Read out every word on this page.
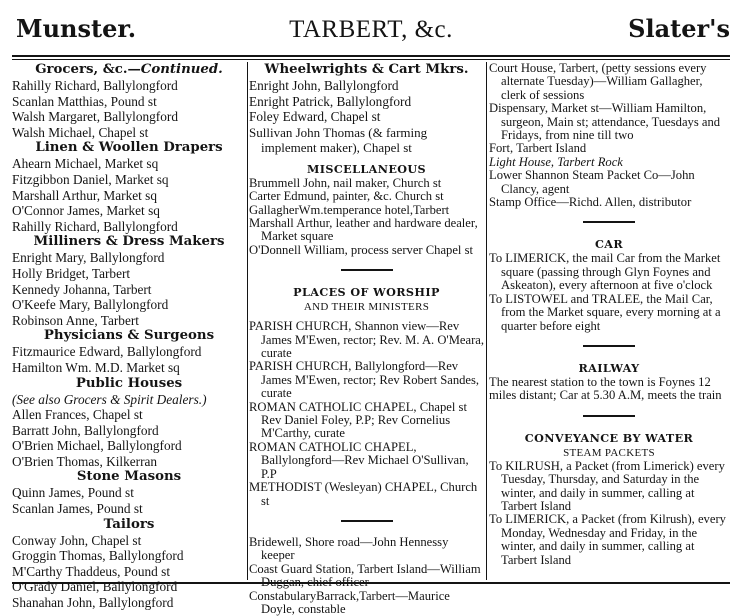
Munster.	TARBERT, &c.	Slater's
Grocers, &c.—Continued.
Rahilly Richard, Ballylongford
Scanlan Matthias, Pound st
Walsh Margaret, Ballylongford
Walsh Michael, Chapel st
Linen & Woollen Drapers
Ahearn Michael, Market sq
Fitzgibbon Daniel, Market sq
Marshall Arthur, Market sq
O'Connor James, Market sq
Rahilly Richard, Ballylongford
Milliners & Dress Makers
Enright Mary, Ballylongford
Holly Bridget, Tarbert
Kennedy Johanna, Tarbert
O'Keefe Mary, Ballylongford
Robinson Anne, Tarbert
Physicians & Surgeons
Fitzmaurice Edward, Ballylongford
Hamilton Wm. M.D. Market sq
Public Houses
(See also Grocers & Spirit Dealers.)
Allen Frances, Chapel st
Barratt John, Ballylongford
O'Brien Michael, Ballylongford
O'Brien Thomas, Kilkerran
Stone Masons
Quinn James, Pound st
Scanlan James, Pound st
Tailors
Conway John, Chapel st
Groggin Thomas, Ballylongford
M'Carthy Thaddeus, Pound st
O'Grady Daniel, Ballylongford
Shanahan John, Ballylongford
Wheelwrights & Cart Mkrs.
Enright John, Ballylongford
Enright Patrick, Ballylongford
Foley Edward, Chapel st
Sullivan John Thomas (& farming implement maker), Chapel st
MISCELLANEOUS
Brummell John, nail maker, Church st
Carter Edmund, painter, &c. Church st
GallagherWm.temperance hotel,Tarbert
Marshall Arthur, leather and hardware dealer, Market square
O'Donnell William, process server Chapel st
PLACES OF WORSHIP
AND THEIR MINISTERS
PARISH CHURCH, Shannon view—Rev James M'Ewen, rector; Rev. M. A. O'Meara, curate
PARISH CHURCH, Ballylongford—Rev James M'Ewen, rector; Rev Robert Sandes, curate
ROMAN CATHOLIC CHAPEL, Chapel st Rev Daniel Foley, P.P; Rev Cornelius M'Carthy, curate
ROMAN CATHOLIC CHAPEL, Ballylongford—Rev Michael O'Sullivan, P.P
METHODIST (Wesleyan) CHAPEL, Church st
Bridewell, Shore road—John Hennessy keeper
Coast Guard Station, Tarbert Island—William Duggan, chief officer
ConstabularyBarrack,Tarbert—Maurice Doyle, constable
Court House, Tarbert, (petty sessions every alternate Tuesday)—William Gallagher, clerk of sessions
Dispensary, Market st—William Hamilton, surgeon, Main st; attendance, Tuesdays and Fridays, from nine till two
Fort, Tarbert Island
Light House, Tarbert Rock
Lower Shannon Steam Packet Co—John Clancy, agent
Stamp Office—Richd. Allen, distributor
CAR
To LIMERICK, the mail Car from the Market square (passing through Glyn Foynes and Askeaton), every afternoon at five o'clock
To LISTOWEL and TRALEE, the Mail Car, from the Market square, every morning at a quarter before eight
RAILWAY
The nearest station to the town is Foynes 12 miles distant; Car at 5.30 A.M, meets the train
CONVEYANCE BY WATER
STEAM PACKETS
To KILRUSH, a Packet (from Limerick) every Tuesday, Thursday, and Saturday in the winter, and daily in summer, calling at Tarbert Island
To LIMERICK, a Packet (from Kilrush), every Monday, Wednesday and Friday, in the winter, and daily in summer, calling at Tarbert Island
